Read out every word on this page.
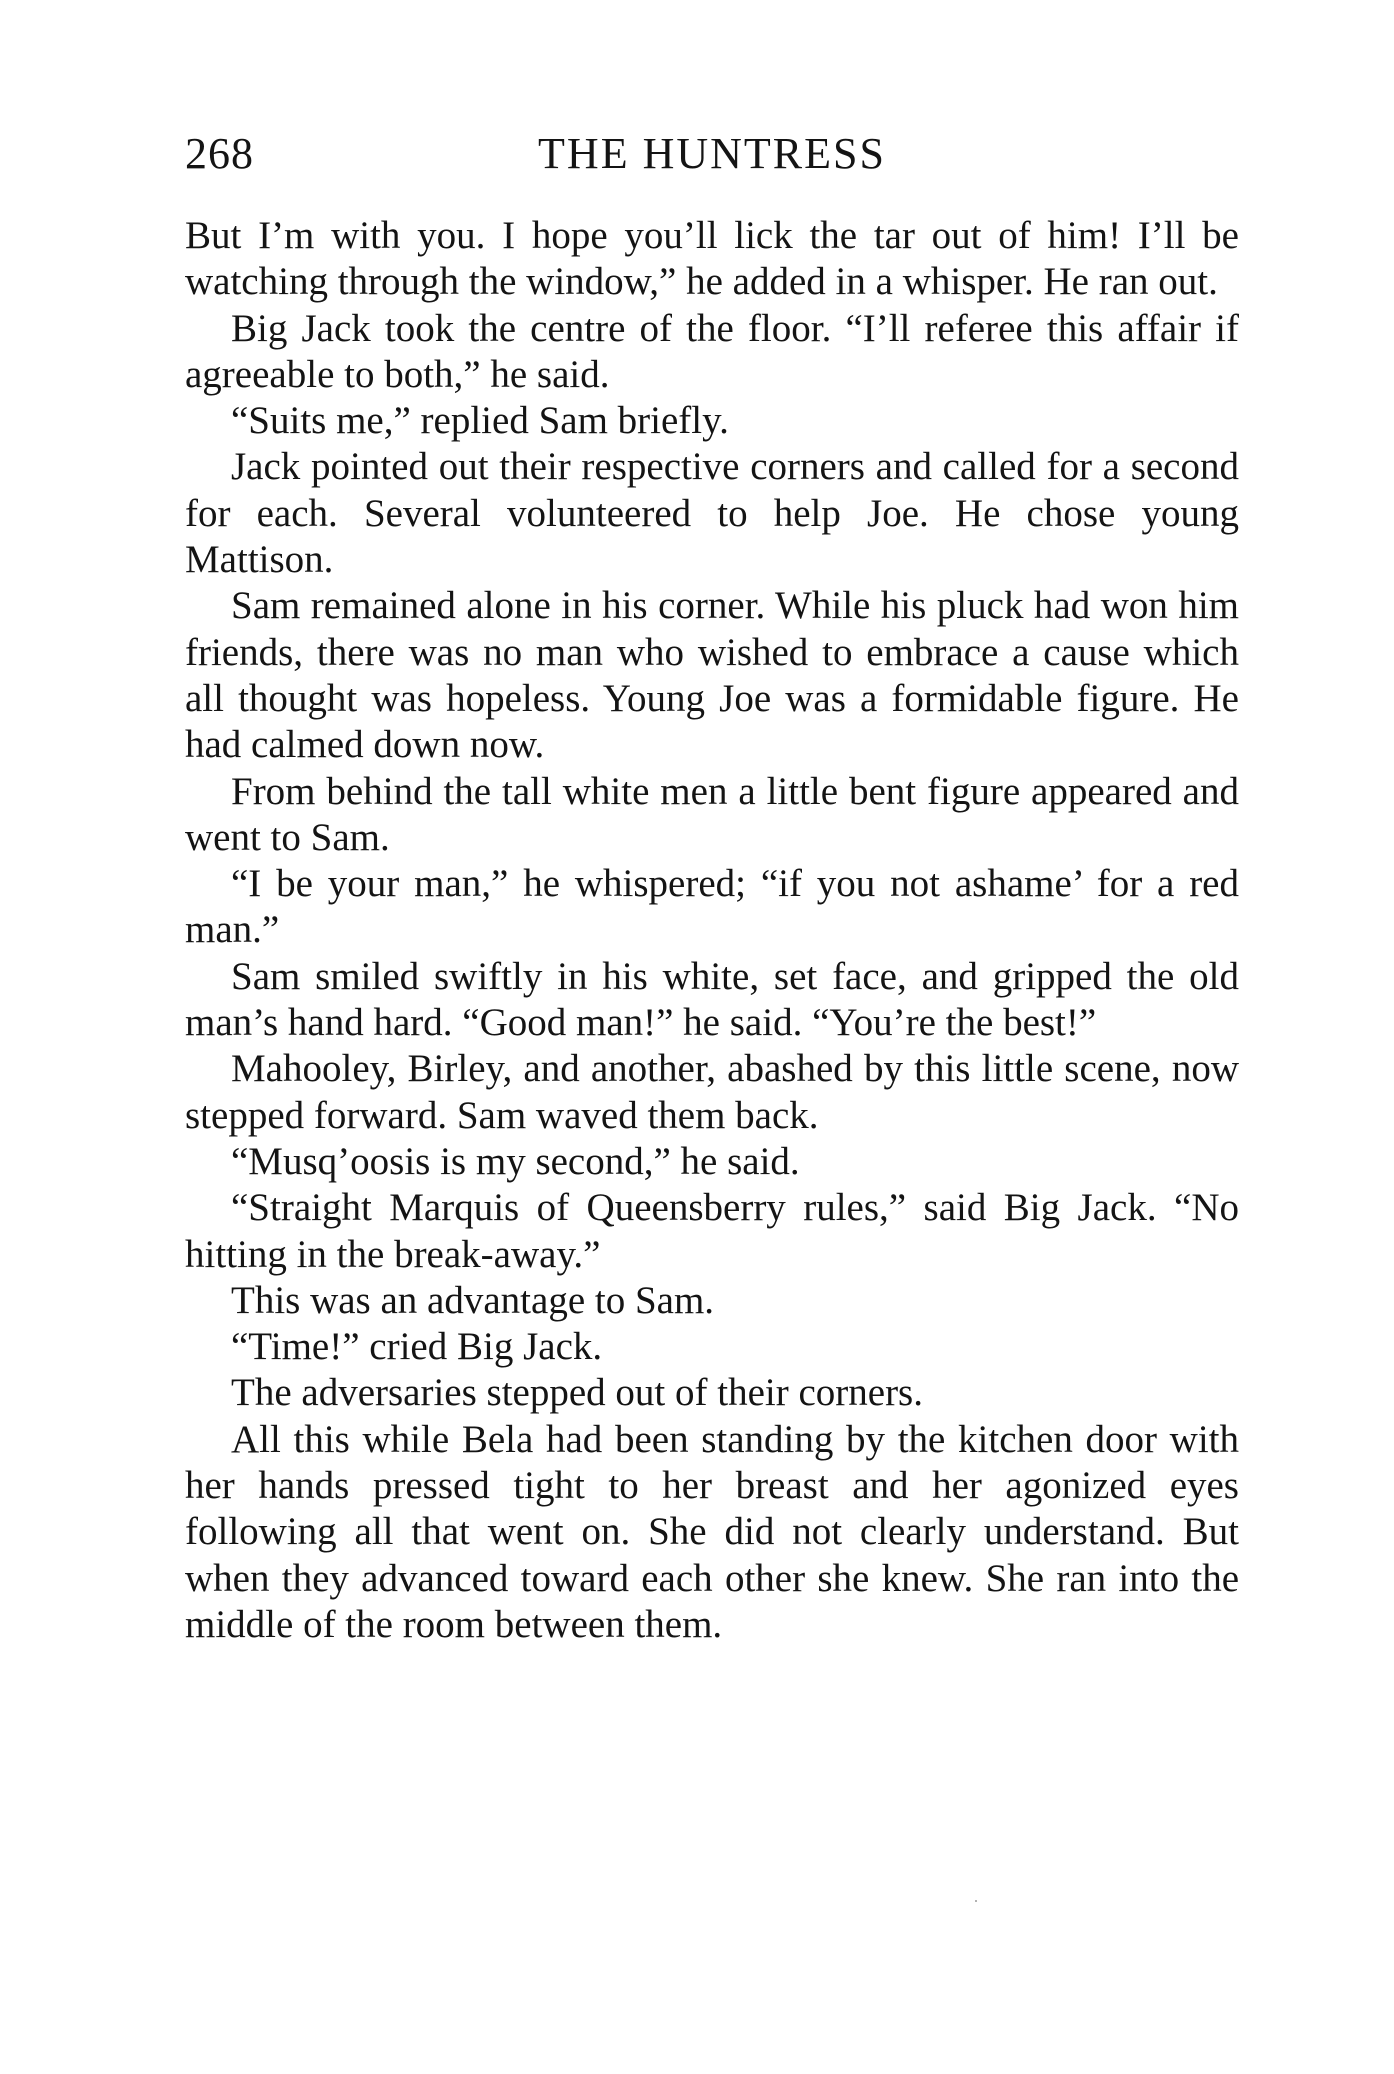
268	THE HUNTRESS

But I’m with you. I hope you’ll lick the tar out of him! I’ll be watching through the window,” he added in a whisper. He ran out.

Big Jack took the centre of the floor. “I’ll referee this affair if agreeable to both,” he said.

“Suits me,” replied Sam briefly.

Jack pointed out their respective corners and called for a second for each. Several volunteered to help Joe. He chose young Mattison.

Sam remained alone in his corner. While his pluck had won him friends, there was no man who wished to embrace a cause which all thought was hopeless. Young Joe was a formidable figure. He had calmed down now.

From behind the tall white men a little bent figure appeared and went to Sam.

“I be your man,” he whispered; “if you not ashame’ for a red man.”

Sam smiled swiftly in his white, set face, and gripped the old man’s hand hard. “Good man!” he said. “You’re the best!”

Mahooley, Birley, and another, abashed by this little scene, now stepped forward. Sam waved them back.

“Musq’oosis is my second,” he said.

“Straight Marquis of Queensberry rules,” said Big Jack. “No hitting in the break-away.”

This was an advantage to Sam.

“Time!” cried Big Jack.

The adversaries stepped out of their corners.

All this while Bela had been standing by the kitchen door with her hands pressed tight to her breast and her agonized eyes following all that went on. She did not clearly understand. But when they advanced toward each other she knew. She ran into the middle of the room between them.
